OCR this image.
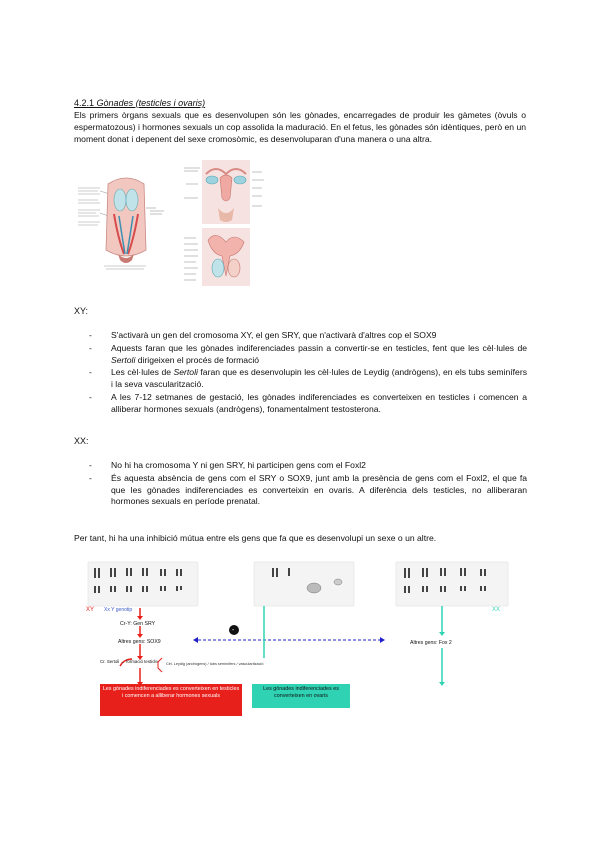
4.2.1 Gònades (testicles i ovaris)
Els primers òrgans sexuals que es desenvolupen són les gònades, encarregades de produir les gàmetes (òvuls o espermatozous) i hormones sexuals un cop assolida la maduració. En el fetus, les gònades són idèntiques, però en un moment donat i depenent del sexe cromosòmic, es desenvoluparan d'una manera o una altra.
XY:
- S'activarà un gen del cromosoma XY, el gen SRY, que n'activarà d'altres cop el SOX9
- Aquests faran que les gònades indiferenciades passin a convertir-se en testicles, fent que les cèl·lules de Sertoli dirigeixen el procés de formació
- Les cèl·lules de Sertoli faran que es desenvolupin les cèl·lules de Leydig (andrògens), en els tubs seminífers i la seva vascularització.
- A les 7-12 setmanes de gestació, les gònades indiferenciades es converteixen en testicles i comencen a alliberar hormones sexuals (andrògens), fonamentalment testosterona.
XX:
- No hi ha cromosoma Y ni gen SRY, hi participen gens com el Foxl2
- És aquesta absència de gens com el SRY o SOX9, junt amb la presència de gens com el Foxl2, el que fa que les gònades indiferenciades es converteixin en ovaris. A diferència dels testicles, no alliberaran hormones sexuals en període prenatal.
Per tant, hi ha una inhibició mútua entre els gens que fa que es desenvolupi un sexe o un altre.
XY Xx Y genotip	XX
Cr-Y: Gen SRY
Altres gens: SOX9
Cr. Sertoli → formació testicle Cèl. Leydig (andrògens) / tubs seminífers / vascularització
-
Altres gens: Fox 2
Les gònades indiferenciades es converteixen en testicles i comencen a alliberar hormones sexuals
Les gònades indiferenciades es converteixen en ovaris
